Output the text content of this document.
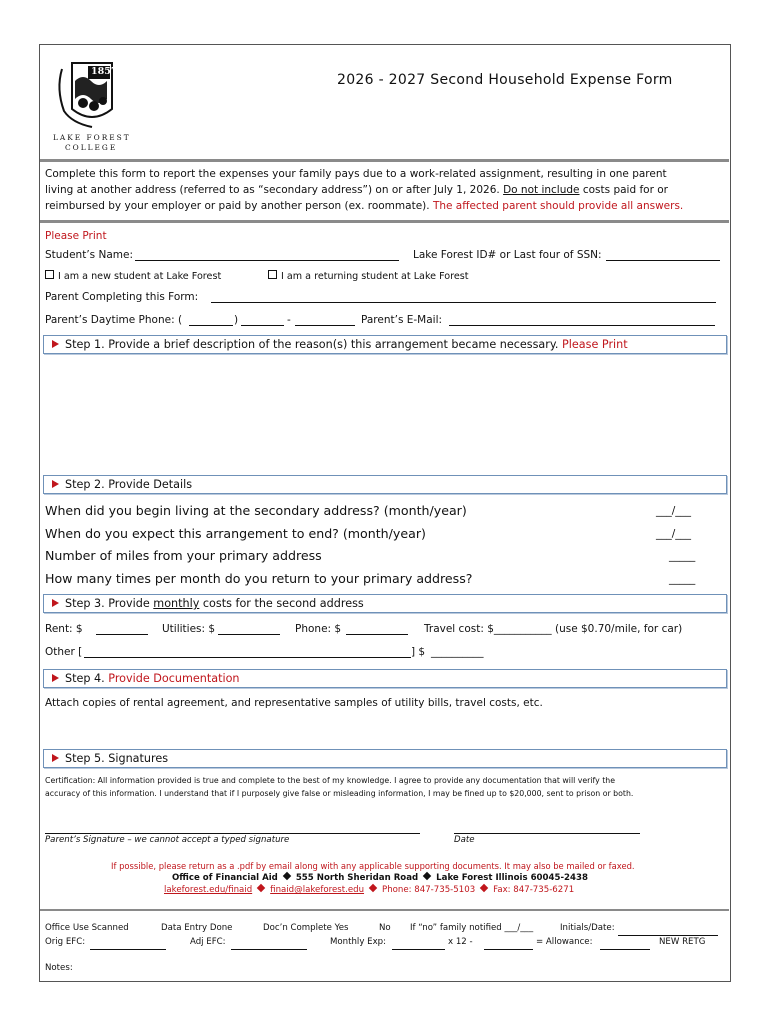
1857
LAKE FOREST
COLLEGE
2026 - 2027 Second Household Expense Form
Complete this form to report the expenses your family pays due to a work-related assignment, resulting in one parent
living at another address (referred to as “secondary address”) on or after July 1, 2026. Do not include costs paid for or
reimbursed by your employer or paid by another person (ex. roommate). The affected parent should provide all answers.
Please Print
Student’s Name:	Lake Forest ID# or Last four of SSN:
I am a new student at Lake Forest	I am a returning student at Lake Forest
Parent Completing this Form:
Parent’s Daytime Phone: (	)	-	Parent’s E-Mail:
Step 1. Provide a brief description of the reason(s) this arrangement became necessary. Please Print
Step 2. Provide Details
When did you begin living at the secondary address? (month/year)	___/___
When do you expect this arrangement to end? (month/year)	___/___
Number of miles from your primary address	_____
How many times per month do you return to your primary address?	_____
Step 3. Provide monthly costs for the second address
Rent: $	Utilities: $	Phone: $	Travel cost: $___________ (use $0.70/mile, for car)
Other [	] $ __________
Step 4. Provide Documentation
Attach copies of rental agreement, and representative samples of utility bills, travel costs, etc.
Step 5. Signatures
Certification: All information provided is true and complete to the best of my knowledge. I agree to provide any documentation that will verify the
accuracy of this information. I understand that if I purposely give false or misleading information, I may be fined up to $20,000, sent to prison or both.
Parent’s Signature – we cannot accept a typed signature	Date
If possible, please return as a .pdf by email along with any applicable supporting documents. It may also be mailed or faxed.
Office of Financial Aid 555 North Sheridan Road Lake Forest Illinois 60045-2438
lakeforest.edu/finaid finaid@lakeforest.edu Phone: 847-735-5103 Fax: 847-735-6271
Office Use Scanned	Data Entry Done	Doc’n Complete Yes	No If “no” family notified ___/___	Initials/Date:
Orig EFC:	Adj EFC:	Monthly Exp:	x 12 -	= Allowance:	NEW RETG
Notes:
